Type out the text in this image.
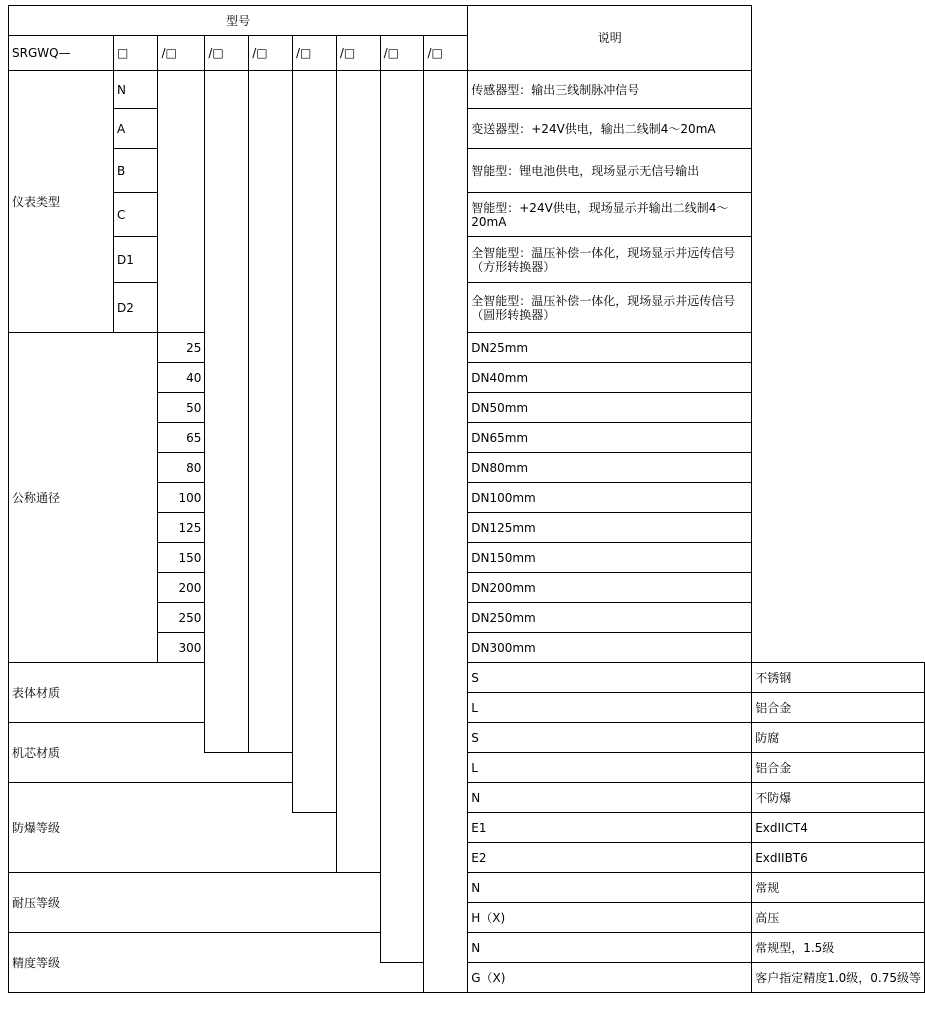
型号									说明	
SRGWQ—	□	/□	/□	/□	/□	/□	/□	/□		
仪表类型	N								传感器型：输出三线制脉冲信号	
	A								变送器型：+24V供电，输出二线制4～20mA	
	B								智能型：锂电池供电，现场显示无信号输出	
	C								智能型：+24V供电，现场显示并输出二线制4～20mA	
	D1								全智能型：温压补偿一体化，现场显示并远传信号（方形转换器）	
	D2								全智能型：温压补偿一体化，现场显示并远传信号（圆形转换器）	
公称通径		25							DN25mm	
		40							DN40mm	
		50							DN50mm	
		65							DN65mm	
		80							DN80mm	
		100							DN100mm	
		125							DN125mm	
		150							DN150mm	
		200							DN200mm	
		250							DN250mm	
		300							DN300mm	
表体材质									S	不锈钢
									L	铝合金
机芯材质									S	防腐
									L	铝合金
防爆等级									N	不防爆
									E1	ExdIICT4
									E2	ExdIIBT6
耐压等级									N	常规
									H（X)	高压
精度等级									N	常规型，1.5级
									G（X)	客户指定精度1.0级，0.75级等
